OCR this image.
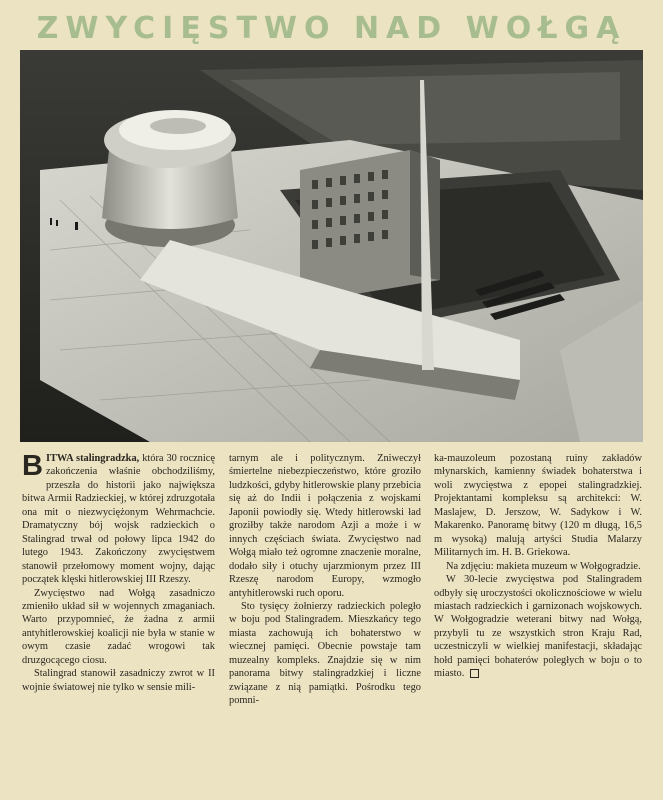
ZWYCIĘSTWO NAD WOŁGĄ

BITWA stalingradzka, która 30 rocznicę zakończenia właśnie obchodziliśmy, przeszła do historii jako największa bitwa Armii Radzieckiej, w której zdruzgotała ona mit o niezwyciężonym Wehrmachcie. Dramatyczny bój wojsk radzieckich o Stalingrad trwał od połowy lipca 1942 do lutego 1943. Zakończony zwycięstwem stanowił przełomowy moment wojny, dając początek klęski hitlerowskiej III Rzeszy.

Zwycięstwo nad Wołgą zasadniczo zmieniło układ sił w wojennych zmaganiach. Warto przypomnieć, że żadna z armii antyhitlerowskiej koalicji nie była w stanie w owym czasie zadać wrogowi tak druzgocącego ciosu.

Stalingrad stanowił zasadniczy zwrot w II wojnie światowej nie tylko w sensie mili-

tarnym ale i politycznym. Zniweczył śmiertelne niebezpieczeństwo, które groziło ludzkości, gdyby hitlerowskie plany przebicia się aż do Indii i połączenia z wojskami Japonii powiodły się. Wtedy hitlerowski ład groziłby także narodom Azji a może i w innych częściach świata. Zwycięstwo nad Wołgą miało też ogromne znaczenie moralne, dodało siły i otuchy ujarzmionym przez III Rzeszę narodom Europy, wzmogło antyhitlerowski ruch oporu.

Sto tysięcy żołnierzy radzieckich poległo w boju pod Stalingradem. Mieszkańcy tego miasta zachowują ich bohaterstwo w wiecznej pamięci. Obecnie powstaje tam muzealny kompleks. Znajdzie się w nim panorama bitwy stalingradzkiej i liczne związane z nią pamiątki. Pośrodku tego pomni-

ka-mauzoleum pozostaną ruiny zakładów młynarskich, kamienny świadek bohaterstwa i woli zwycięstwa z epopei stalingradzkiej. Projektantami kompleksu są architekci: W. Maslajew, D. Jerszow, W. Sadykow i W. Makarenko. Panoramę bitwy (120 m długą, 16,5 m wysoką) malują artyści Studia Malarzy Militarnych im. H. B. Griekowa.

Na zdjęciu: makieta muzeum w Wołgogradzie.

W 30-lecie zwycięstwa pod Stalingradem odbyły się uroczystości okolicznościowe w wielu miastach radzieckich i garnizonach wojskowych. W Wołgogradzie weterani bitwy nad Wołgą, przybyli tu ze wszystkich stron Kraju Rad, uczestniczyli w wielkiej manifestacji, składając hołd pamięci bohaterów poległych w boju o to miasto.
